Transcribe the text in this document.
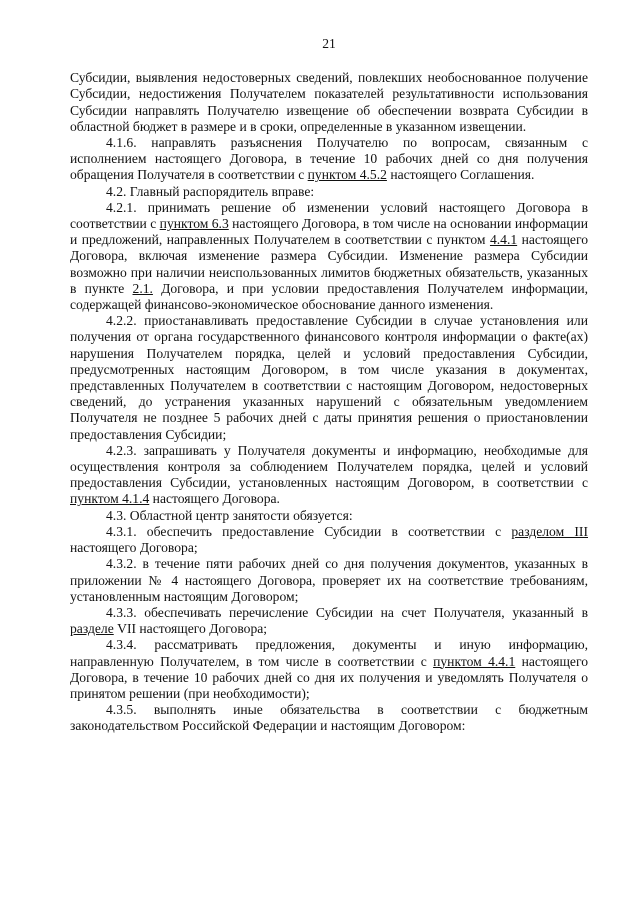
21

Субсидии, выявления недостоверных сведений, повлекших необоснованное получение Субсидии, недостижения Получателем показателей результативности использования Субсидии направлять Получателю извещение об обеспечении возврата Субсидии в областной бюджет в размере и в сроки, определенные в указанном извещении.

4.1.6. направлять разъяснения Получателю по вопросам, связанным с исполнением настоящего Договора, в течение 10 рабочих дней со дня получения обращения Получателя в соответствии с пунктом 4.5.2 настоящего Соглашения.

4.2. Главный распорядитель вправе:

4.2.1. принимать решение об изменении условий настоящего Договора в соответствии с пунктом 6.3 настоящего Договора, в том числе на основании информации и предложений, направленных Получателем в соответствии с пунктом 4.4.1 настоящего Договора, включая изменение размера Субсидии. Изменение размера Субсидии возможно при наличии неиспользованных лимитов бюджетных обязательств, указанных в пункте 2.1. Договора, и при условии предоставления Получателем информации, содержащей финансово-экономическое обоснование данного изменения.

4.2.2. приостанавливать предоставление Субсидии в случае установления или получения от органа государственного финансового контроля информации о факте(ах) нарушения Получателем порядка, целей и условий предоставления Субсидии, предусмотренных настоящим Договором, в том числе указания в документах, представленных Получателем в соответствии с настоящим Договором, недостоверных сведений, до устранения указанных нарушений с обязательным уведомлением Получателя не позднее 5 рабочих дней с даты принятия решения о приостановлении предоставления Субсидии;

4.2.3. запрашивать у Получателя документы и информацию, необходимые для осуществления контроля за соблюдением Получателем порядка, целей и условий предоставления Субсидии, установленных настоящим Договором, в соответствии с пунктом 4.1.4 настоящего Договора.

4.3. Областной центр занятости обязуется:

4.3.1. обеспечить предоставление Субсидии в соответствии с разделом III настоящего Договора;

4.3.2. в течение пяти рабочих дней со дня получения документов, указанных в приложении № 4 настоящего Договора, проверяет их на соответствие требованиям, установленным настоящим Договором;

4.3.3. обеспечивать перечисление Субсидии на счет Получателя, указанный в разделе VII настоящего Договора;

4.3.4. рассматривать предложения, документы и иную информацию, направленную Получателем, в том числе в соответствии с пунктом 4.4.1 настоящего Договора, в течение 10 рабочих дней со дня их получения и уведомлять Получателя о принятом решении (при необходимости);

4.3.5. выполнять иные обязательства в соответствии с бюджетным законодательством Российской Федерации и настоящим Договором:
